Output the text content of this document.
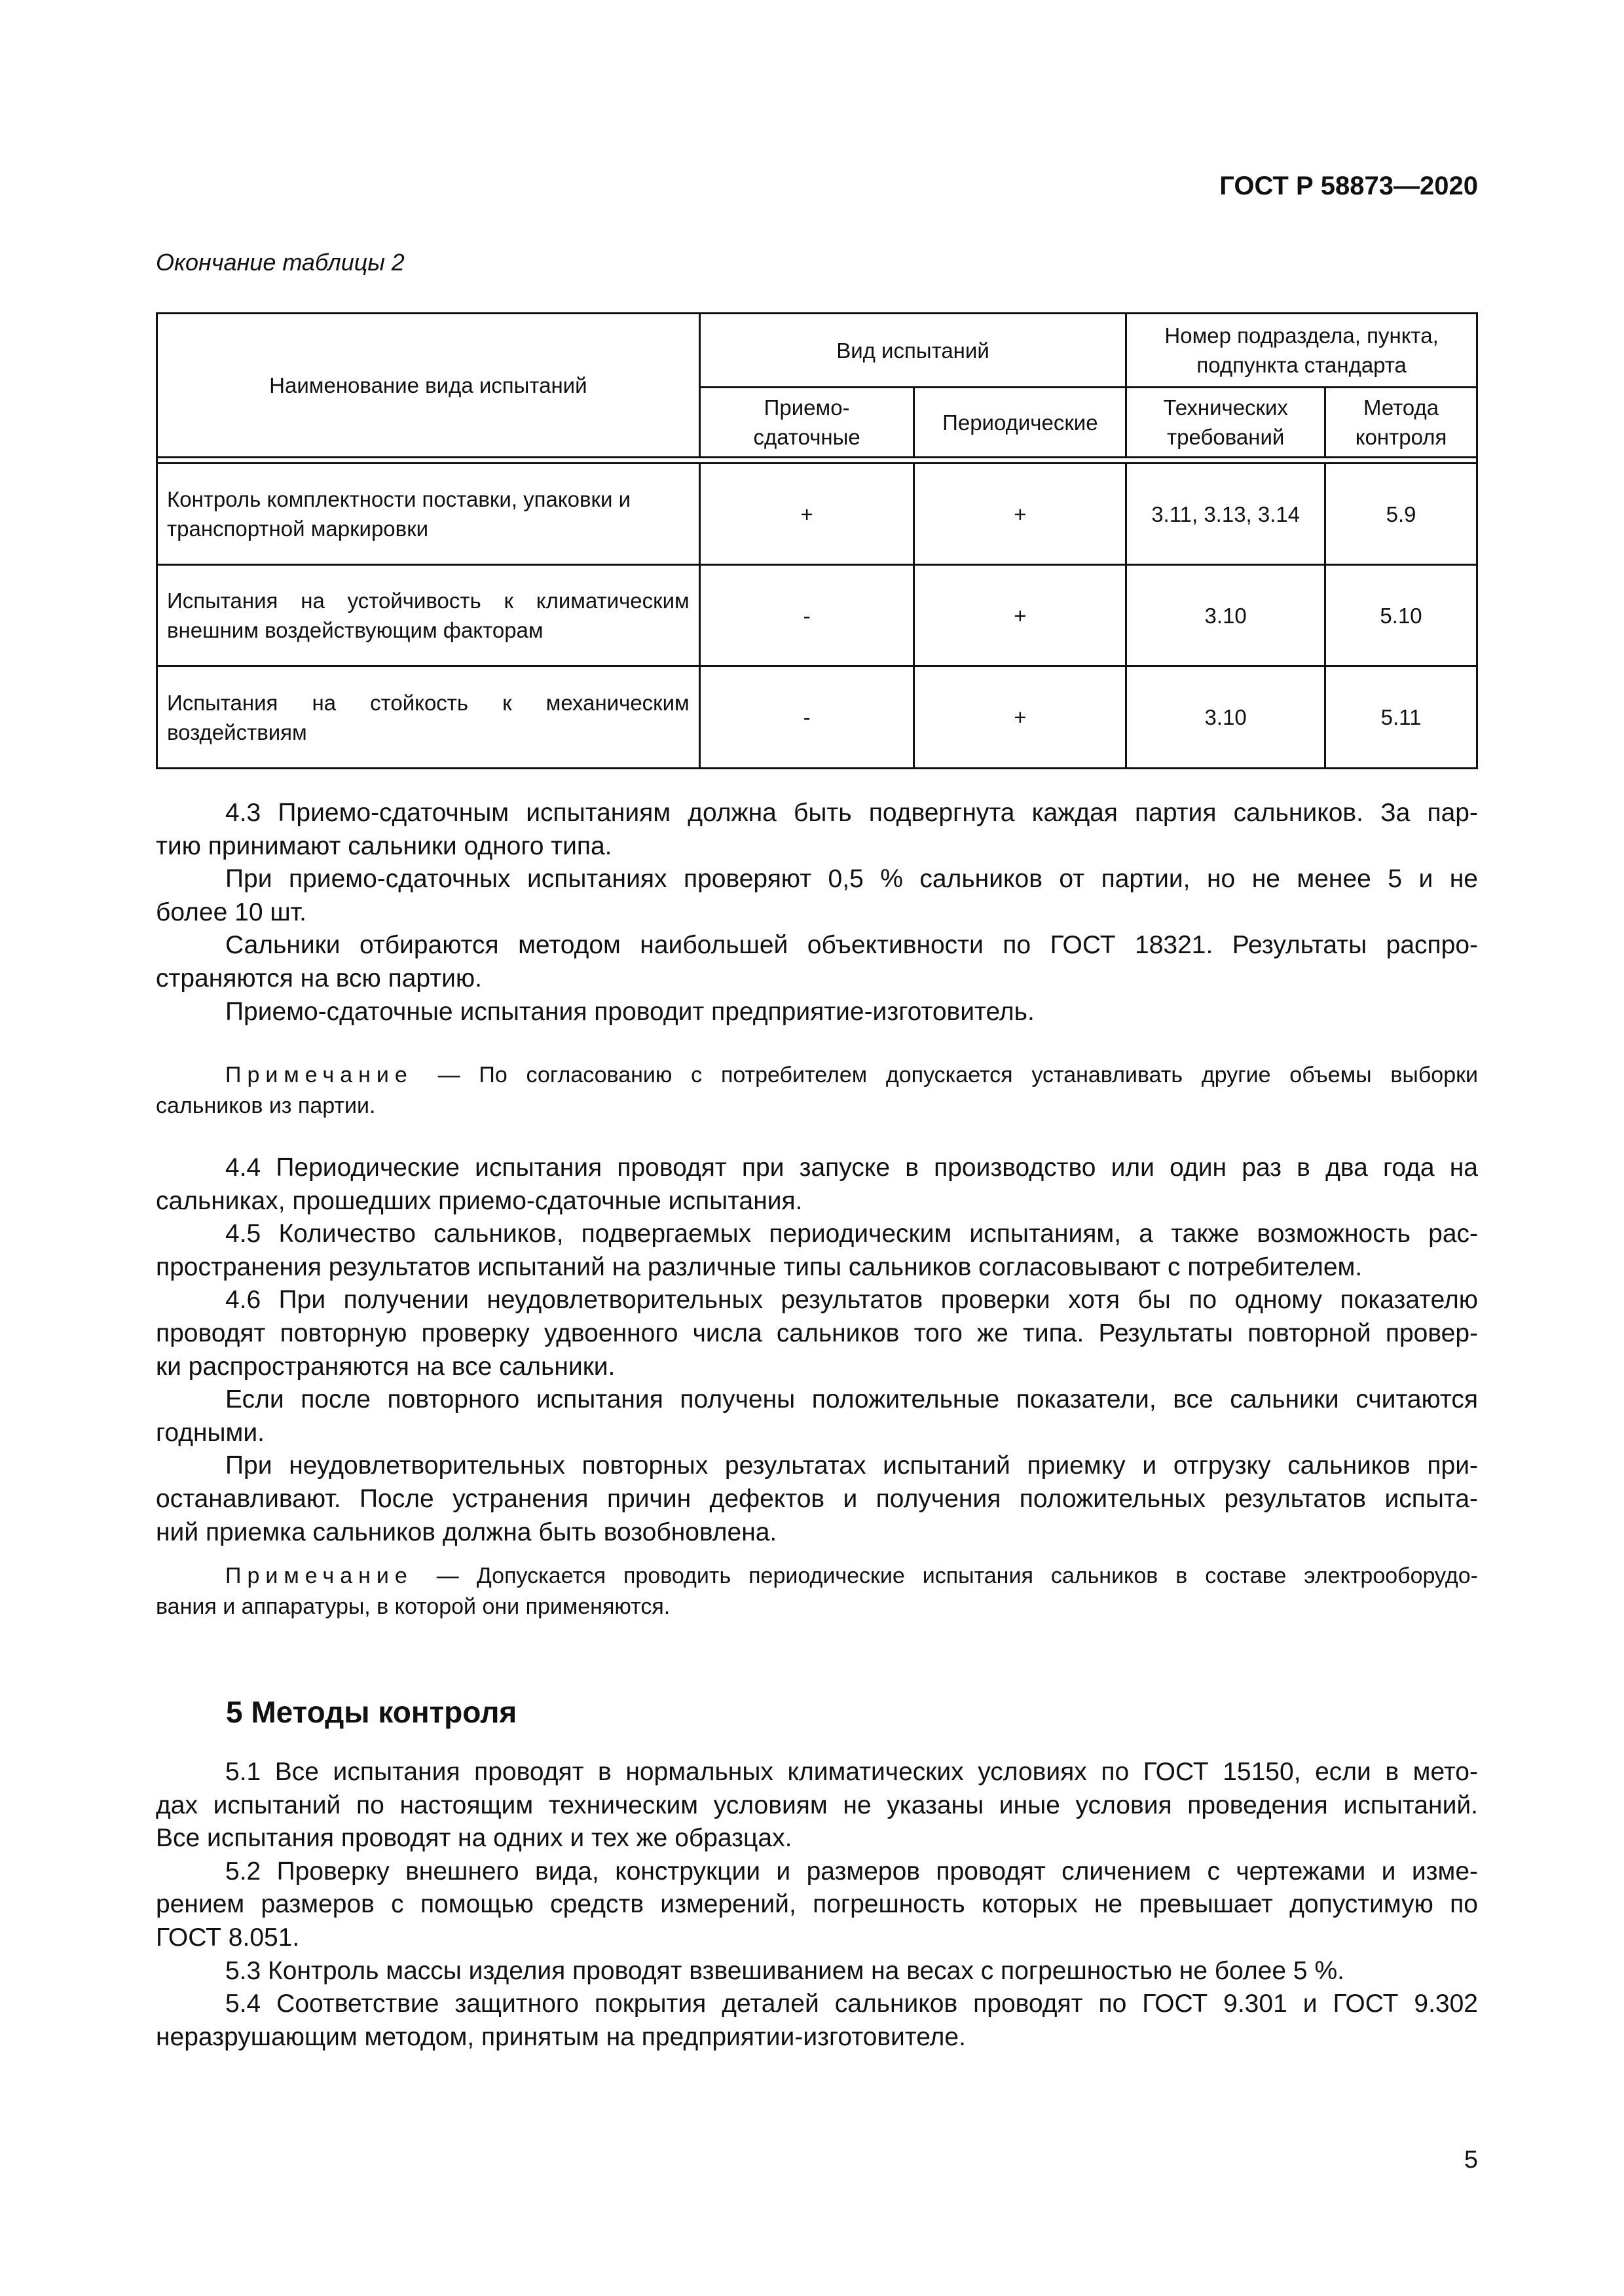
ГОСТ Р 58873—2020
Окончание таблицы 2
Наименование вида испытаний	Вид испытаний		Номер подраздела, пункта, подпункта стандарта	
	Приемо-сдаточные	Периодические	Технических требований	Метода контроля

Контроль комплектности поставки, упаковки и транспортной маркировки	+	+	3.11, 3.13, 3.14	5.9
Испытания на устойчивость к климатическим внешним воздействующим факторам	-	+	3.10	5.10
Испытания на стойкость к механическим воздействиям	-	+	3.10	5.11
4.3 Приемо-сдаточным испытаниям должна быть подвергнута каждая партия сальников. За пар-
тию принимают сальники одного типа.
При приемо-сдаточных испытаниях проверяют 0,5 % сальников от партии, но не менее 5 и не
более 10 шт.
Сальники отбираются методом наибольшей объективности по ГОСТ 18321. Результаты распро-
страняются на всю партию.
Приемо-сдаточные испытания проводит предприятие-изготовитель.
Примечание — По согласованию с потребителем допускается устанавливать другие объемы выборки
сальников из партии.
4.4 Периодические испытания проводят при запуске в производство или один раз в два года на
сальниках, прошедших приемо-сдаточные испытания.
4.5 Количество сальников, подвергаемых периодическим испытаниям, а также возможность рас-
пространения результатов испытаний на различные типы сальников согласовывают с потребителем.
4.6 При получении неудовлетворительных результатов проверки хотя бы по одному показателю
проводят повторную проверку удвоенного числа сальников того же типа. Результаты повторной провер-
ки распространяются на все сальники.
Если после повторного испытания получены положительные показатели, все сальники считаются
годными.
При неудовлетворительных повторных результатах испытаний приемку и отгрузку сальников при-
останавливают. После устранения причин дефектов и получения положительных результатов испыта-
ний приемка сальников должна быть возобновлена.
Примечание — Допускается проводить периодические испытания сальников в составе электрооборудо-
вания и аппаратуры, в которой они применяются.
5 Методы контроля
5.1 Все испытания проводят в нормальных климатических условиях по ГОСТ 15150, если в мето-
дах испытаний по настоящим техническим условиям не указаны иные условия проведения испытаний.
Все испытания проводят на одних и тех же образцах.
5.2 Проверку внешнего вида, конструкции и размеров проводят сличением с чертежами и изме-
рением размеров с помощью средств измерений, погрешность которых не превышает допустимую по
ГОСТ 8.051.
5.3 Контроль массы изделия проводят взвешиванием на весах с погрешностью не более 5 %.
5.4 Соответствие защитного покрытия деталей сальников проводят по ГОСТ 9.301 и ГОСТ 9.302
неразрушающим методом, принятым на предприятии-изготовителе.
5
